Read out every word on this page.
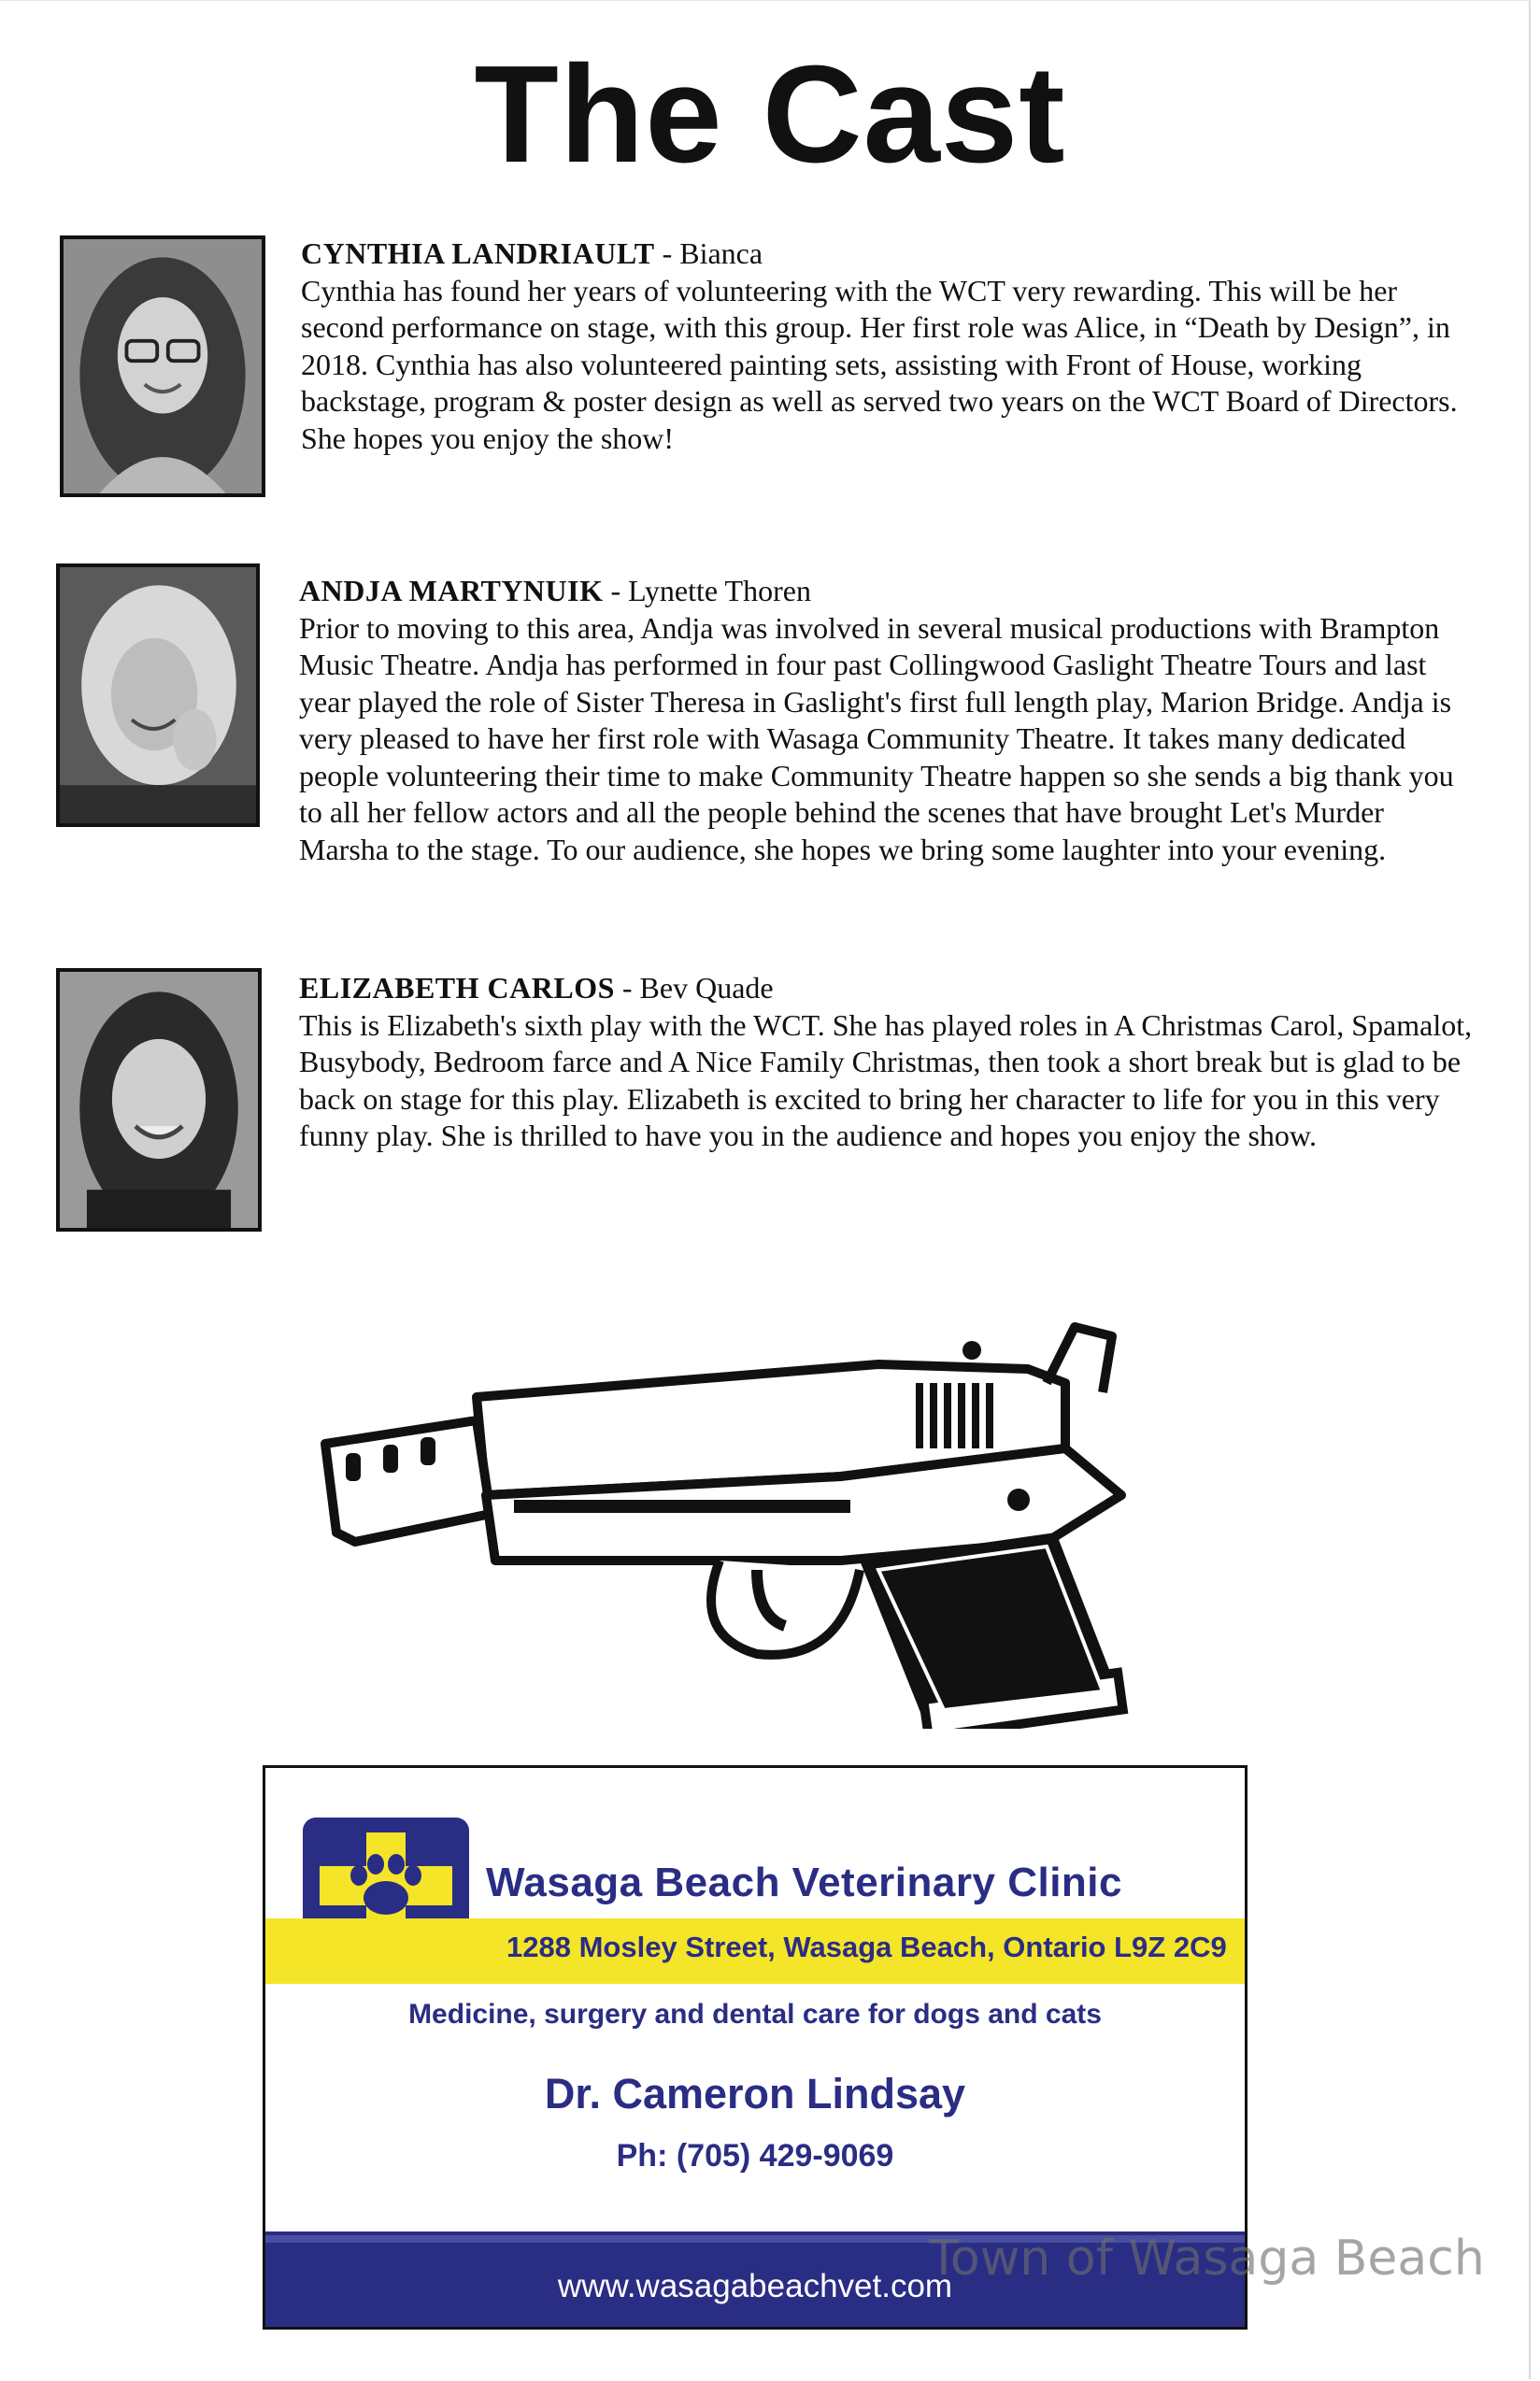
The Cast
CYNTHIA LANDRIAULT - Bianca
Cynthia has found her years of volunteering with the WCT very rewarding. This will be her second performance on stage, with this group. Her first role was Alice, in “Death by Design”, in 2018. Cynthia has also volunteered painting sets, assisting with Front of House, working backstage, program & poster design as well as served two years on the WCT Board of Directors. She hopes you enjoy the show!
ANDJA MARTYNUIK - Lynette Thoren
Prior to moving to this area, Andja was involved in several musical productions with Brampton Music Theatre. Andja has performed in four past Collingwood Gaslight Theatre Tours and last year played the role of Sister Theresa in Gaslight's first full length play, Marion Bridge. Andja is very pleased to have her first role with Wasaga Community Theatre. It takes many dedicated people volunteering their time to make Community Theatre happen so she sends a big thank you to all her fellow actors and all the people behind the scenes that have brought Let's Murder Marsha to the stage. To our audience, she hopes we bring some laughter into your evening.
ELIZABETH CARLOS - Bev Quade
This is Elizabeth's sixth play with the WCT. She has played roles in A Christmas Carol, Spamalot, Busybody, Bedroom farce and A Nice Family Christmas, then took a short break but is glad to be back on stage for this play. Elizabeth is excited to bring her character to life for you in this very funny play. She is thrilled to have you in the audience and hopes you enjoy the show.
Wasaga Beach Veterinary Clinic
1288 Mosley Street, Wasaga Beach, Ontario L9Z 2C9
Medicine, surgery and dental care for dogs and cats
Dr. Cameron Lindsay
Ph: (705) 429-9069
www.wasagabeachvet.com
Town of Wasaga Beach
